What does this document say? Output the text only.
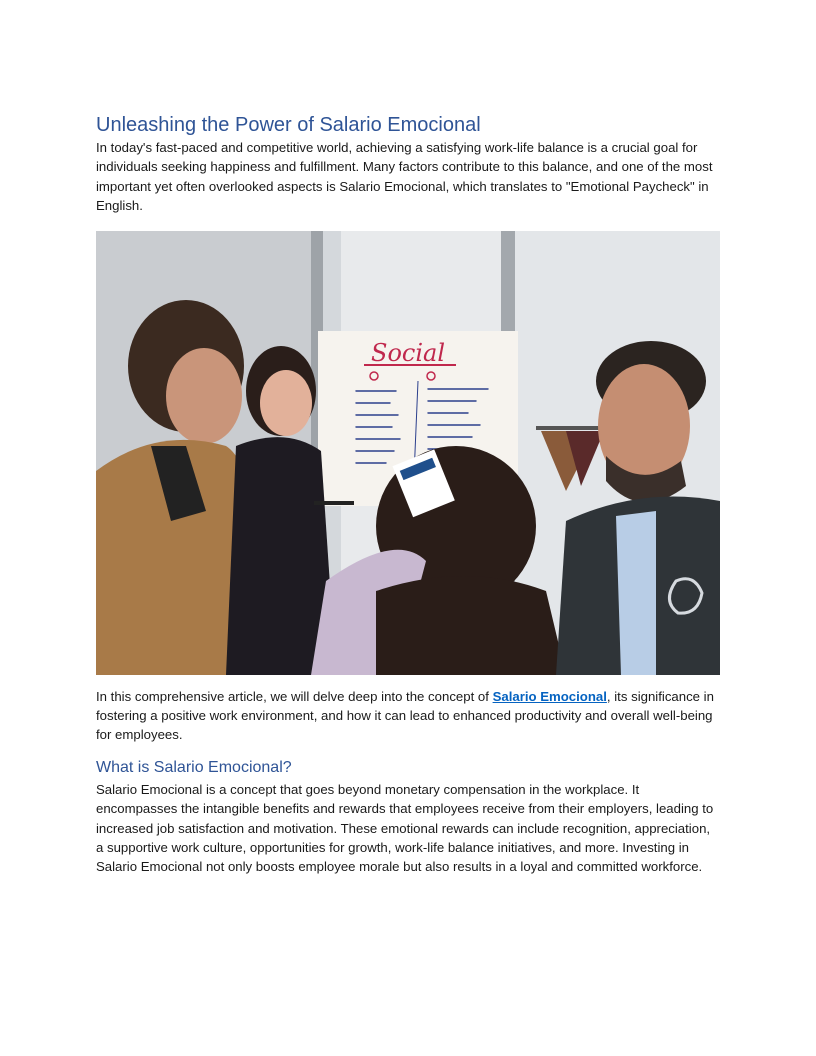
Unleashing the Power of Salario Emocional

In today's fast-paced and competitive world, achieving a satisfying work-life balance is a crucial goal for individuals seeking happiness and fulfillment. Many factors contribute to this balance, and one of the most important yet often overlooked aspects is Salario Emocional, which translates to "Emotional Paycheck" in English.

Social

In this comprehensive article, we will delve deep into the concept of Salario Emocional, its significance in fostering a positive work environment, and how it can lead to enhanced productivity and overall well-being for employees.

What is Salario Emocional?

Salario Emocional is a concept that goes beyond monetary compensation in the workplace. It encompasses the intangible benefits and rewards that employees receive from their employers, leading to increased job satisfaction and motivation. These emotional rewards can include recognition, appreciation, a supportive work culture, opportunities for growth, work-life balance initiatives, and more. Investing in Salario Emocional not only boosts employee morale but also results in a loyal and committed workforce.
